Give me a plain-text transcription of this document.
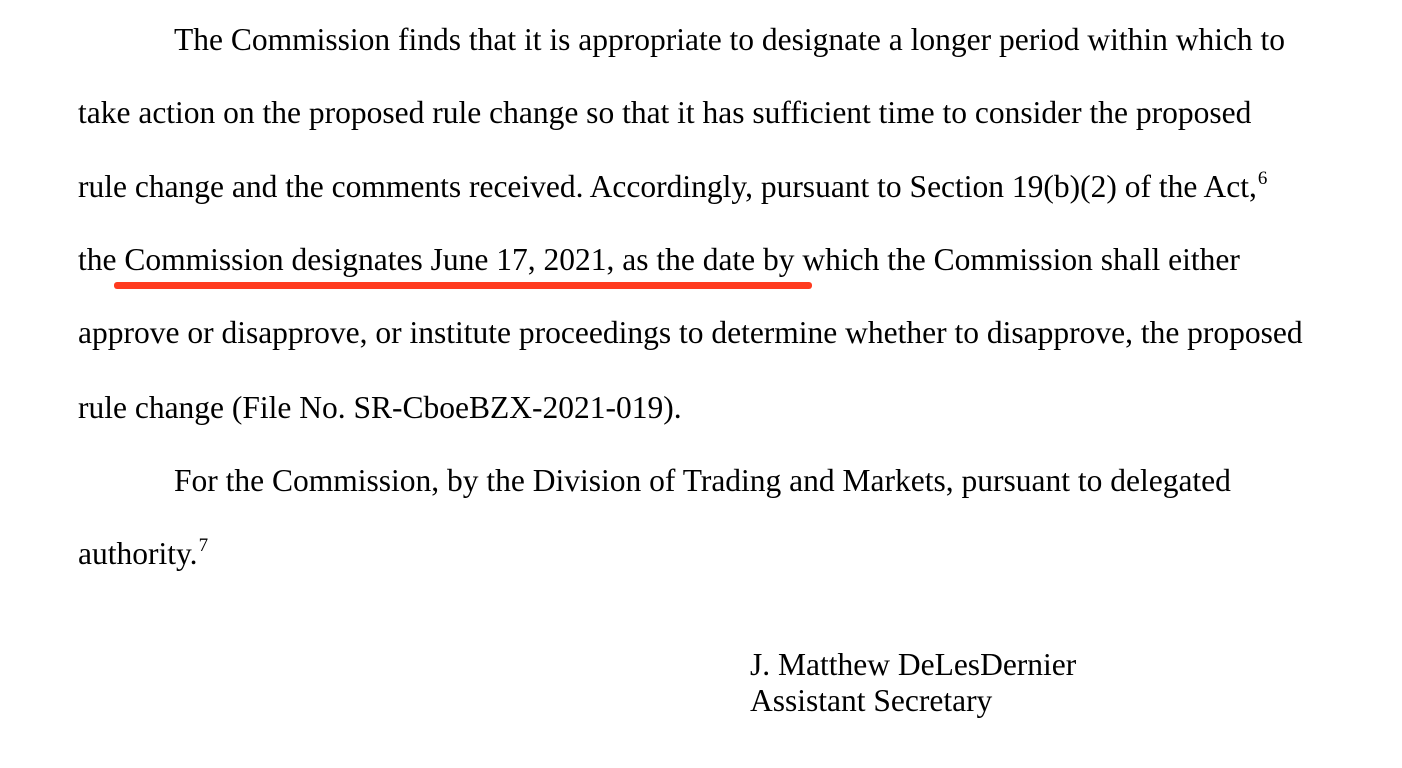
The Commission finds that it is appropriate to designate a longer period within which to
take action on the proposed rule change so that it has sufficient time to consider the proposed
rule change and the comments received. Accordingly, pursuant to Section 19(b)(2) of the Act,$^6$
the Commission designates June 17, 2021, as the date by which the Commission shall either
approve or disapprove, or institute proceedings to determine whether to disapprove, the proposed
rule change (File No. SR-CboeBZX-2021-019).
For the Commission, by the Division of Trading and Markets, pursuant to delegated
authority.$^7$
J. Matthew DeLesDernier
Assistant Secretary
